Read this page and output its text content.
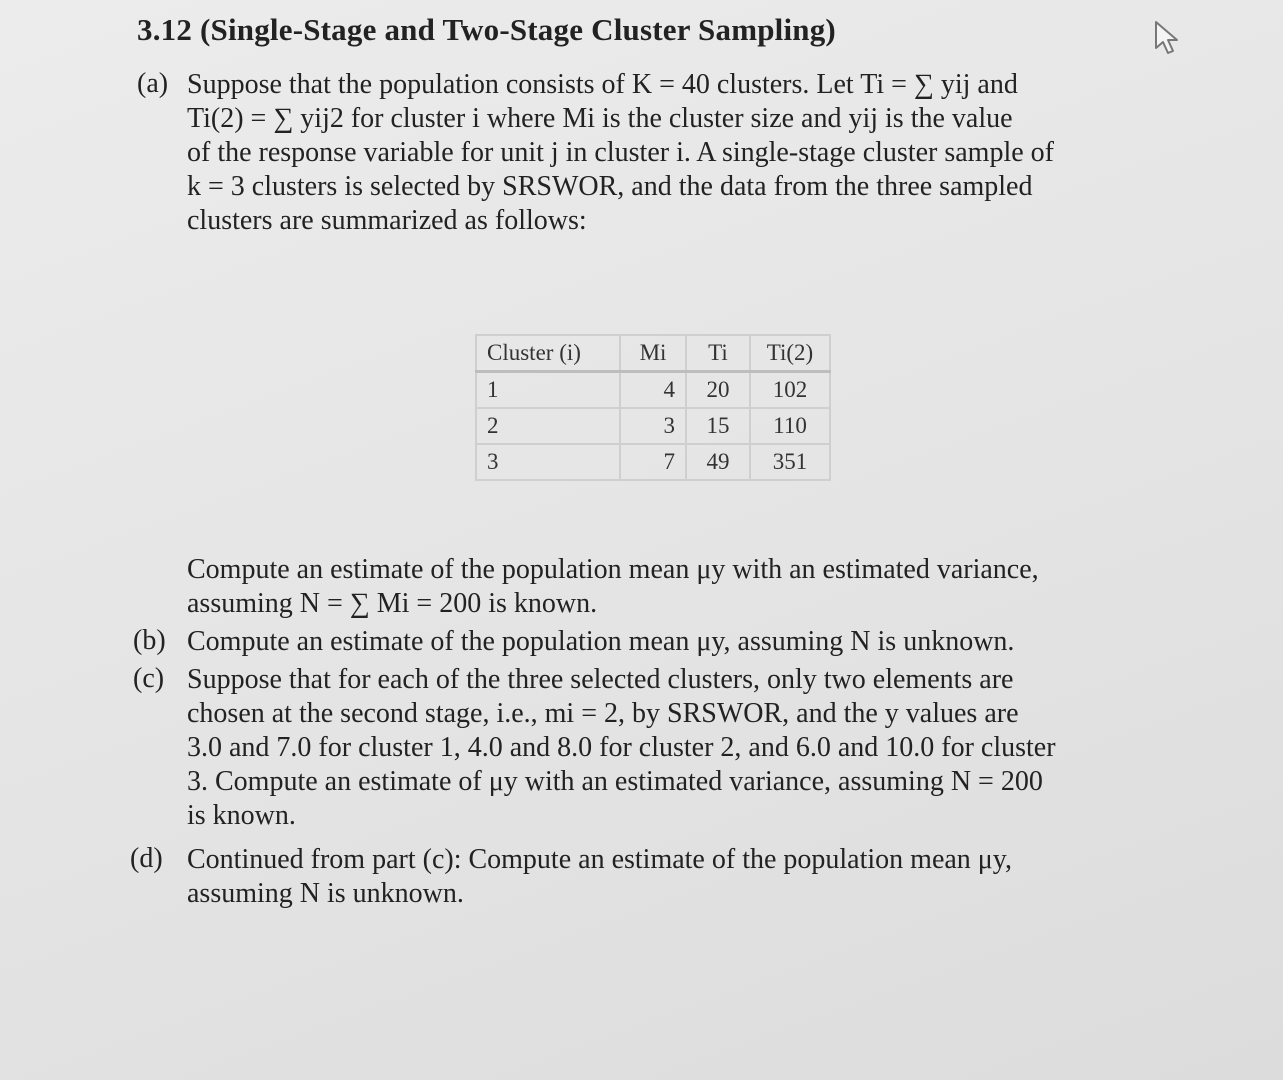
3.12 (Single-Stage and Two-Stage Cluster Sampling)
(a) Suppose that the population consists of K = 40 clusters. Let Ti = ∑ yij and
Ti(2) = ∑ yij2 for cluster i where Mi is the cluster size and yij is the value
of the response variable for unit j in cluster i. A single-stage cluster sample of
k = 3 clusters is selected by SRSWOR, and the data from the three sampled
clusters are summarized as follows:
Cluster (i)	Mi	Ti	Ti(2)
1	4	20	102
2	3	15	110
3	7	49	351
Compute an estimate of the population mean μy with an estimated variance,
assuming N = ∑ Mi = 200 is known.
(b) Compute an estimate of the population mean μy, assuming N is unknown.
(c) Suppose that for each of the three selected clusters, only two elements are
chosen at the second stage, i.e., mi = 2, by SRSWOR, and the y values are
3.0 and 7.0 for cluster 1, 4.0 and 8.0 for cluster 2, and 6.0 and 10.0 for cluster
3. Compute an estimate of μy with an estimated variance, assuming N = 200
is known.
(d) Continued from part (c): Compute an estimate of the population mean μy,
assuming N is unknown.
